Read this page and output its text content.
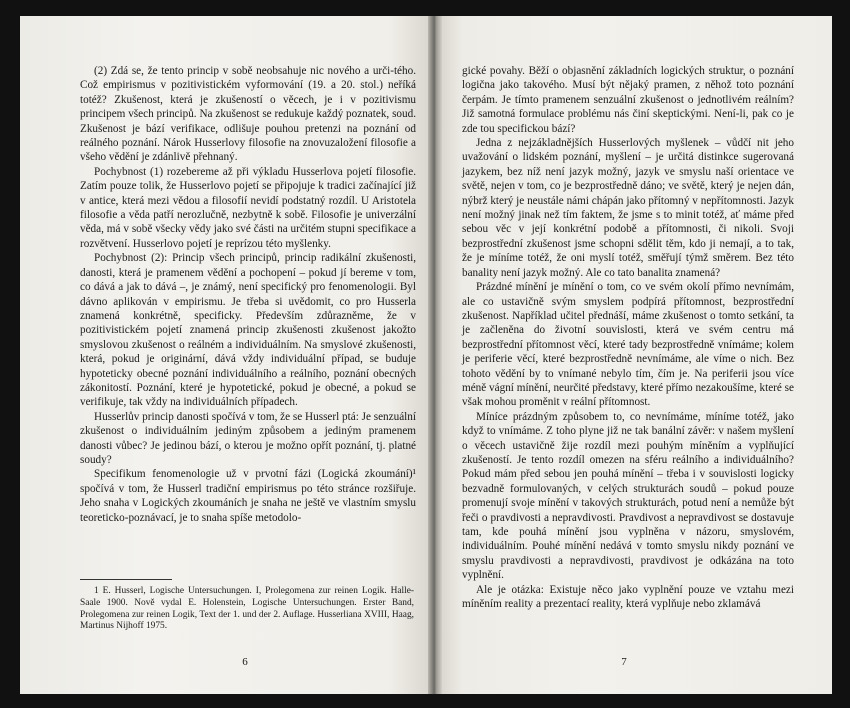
(2) Zdá se, že tento princip v sobě neobsahuje nic nového a urči-tého. Což empirismus v pozitivistickém vyformování (19. a 20. stol.) neříká totéž? Zkušenost, která je zkušeností o věcech, je i v pozitivismu principem všech principů. Na zkušenost se redukuje každý poznatek, soud. Zkušenost je bází verifikace, odlišuje pouhou pretenzi na poznání od reálného poznání. Nárok Husserlovy filosofie na znovuzaložení filosofie a všeho vědění je zdánlivě přehnaný.

Pochybnost (1) rozebereme až při výkladu Husserlova pojetí filosofie. Zatím pouze tolik, že Husserlovo pojetí se připojuje k tradici začínající již v antice, která mezi vědou a filosofií nevidí podstatný rozdíl. U Aristotela filosofie a věda patří nerozlučně, nezbytně k sobě. Filosofie je univerzální věda, má v sobě všecky vědy jako své části na určitém stupni specifikace a rozvětvení. Husserlovo pojetí je reprízou této myšlenky.

Pochybnost (2): Princip všech principů, princip radikální zkušenosti, danosti, která je pramenem vědění a pochopení – pokud jí bereme v tom, co dává a jak to dává –, je známý, není specifický pro fenomenologii. Byl dávno aplikován v empirismu. Je třeba si uvědomit, co pro Husserla znamená konkrétně, specificky. Především zdůrazněme, že v pozitivistickém pojetí znamená princip zkušenosti zkušenost jakožto smyslovou zkušenost o reálném a individuálním. Na smyslové zkušenosti, která, pokud je originární, dává vždy individuální případ, se buduje hypoteticky obecné poznání individuálního a reálního, poznání obecných zákonitostí. Poznání, které je hypotetické, pokud je obecné, a pokud se verifikuje, tak vždy na individuálních případech.

Husserlův princip danosti spočívá v tom, že se Husserl ptá: Je senzuální zkušenost o individuálním jediným způsobem a jediným pramenem danosti vůbec? Je jedinou bází, o kterou je možno opřít poznání, tj. platné soudy?

Specifikum fenomenologie už v prvotní fázi (Logická zkoumání)¹ spočívá v tom, že Husserl tradiční empirismus po této stránce rozšiřuje. Jeho snaha v Logických zkoumáních je snaha ne ještě ve vlastním smyslu teoreticko-poznávací, je to snaha spíše metodolo-

1 E. Husserl, Logische Untersuchungen. I, Prolegomena zur reinen Logik. Halle-Saale 1900. Nově vydal E. Holenstein, Logische Untersuchungen. Erster Band, Prolegomena zur reinen Logik, Text der 1. und der 2. Auflage. Husserliana XVIII, Haag, Martinus Nijhoff 1975.

6

gické povahy. Běží o objasnění základních logických struktur, o poznání logična jako takového. Musí být nějaký pramen, z něhož toto poznání čerpám. Je tímto pramenem senzuální zkušenost o jednotlivém reálním? Již samotná formulace problému nás činí skeptickými. Není-li, pak co je zde tou specifickou bází?

Jedna z nejzákladnějších Husserlových myšlenek – vůdčí nit jeho uvažování o lidském poznání, myšlení – je určitá distinkce sugerovaná jazykem, bez níž není jazyk možný, jazyk ve smyslu naší orientace ve světě, nejen v tom, co je bezprostředně dáno; ve světě, který je nejen dán, nýbrž který je neustále námi chápán jako přítomný v nepřítomnosti. Jazyk není možný jinak než tím faktem, že jsme s to minit totéž, ať máme před sebou věc v její konkrétní podobě a přítomnosti, či nikoli. Svoji bezprostřední zkušenost jsme schopni sdělit těm, kdo ji nemají, a to tak, že je míníme totéž, že oni myslí totéž, směřují týmž směrem. Bez této banality není jazyk možný. Ale co tato banalita znamená?

Prázdné mínění je mínění o tom, co ve svém okolí přímo nevnímám, ale co ustavičně svým smyslem podpírá přítomnost, bezprostřední zkušenost. Například učitel přednáší, máme zkušenost o tomto setkání, ta je začleněna do životní souvislosti, která ve svém centru má bezprostřední přítomnost věcí, které tady bezprostředně vnímáme; kolem je periferie věcí, které bezprostředně nevnímáme, ale víme o nich. Bez tohoto vědění by to vnímané nebylo tím, čím je. Na periferii jsou více méně vágní mínění, neurčité představy, které přímo nezakoušíme, které se však mohou proměnit v reální přítomnost.

Míníce prázdným způsobem to, co nevnímáme, míníme totéž, jako když to vnímáme. Z toho plyne již ne tak banální závěr: v našem myšlení o věcech ustavičně žije rozdíl mezi pouhým míněním a vyplňující zkušeností. Je tento rozdíl omezen na sféru reálního a individuálního? Pokud mám před sebou jen pouhá mínění – třeba i v souvislosti logicky bezvadně formulovaných, v celých strukturách soudů – pokud pouze promenují svoje mínění v takových strukturách, potud není a nemůže být řeči o pravdivosti a nepravdivosti. Pravdivost a nepravdivost se dostavuje tam, kde pouhá mínění jsou vyplněna v názoru, smyslovém, individuálním. Pouhé mínění nedává v tomto smyslu nikdy poznání ve smyslu pravdivosti a nepravdivosti, pravdivost je odkázána na toto vyplnění.

Ale je otázka: Existuje něco jako vyplnění pouze ve vztahu mezi míněním reality a prezentací reality, která vyplňuje nebo zklamává

7
